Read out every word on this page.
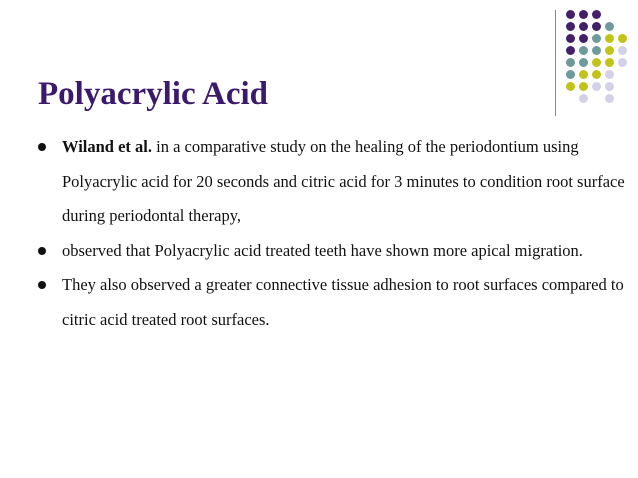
Polyacrylic Acid
Wiland et al. in a comparative study on the healing of the periodontium using Polyacrylic acid for 20 seconds and citric acid for 3 minutes to condition root surface during periodontal therapy,
observed that Polyacrylic acid treated teeth have shown more apical migration.
They also observed a greater connective tissue adhesion to root surfaces compared to citric acid treated root surfaces.
